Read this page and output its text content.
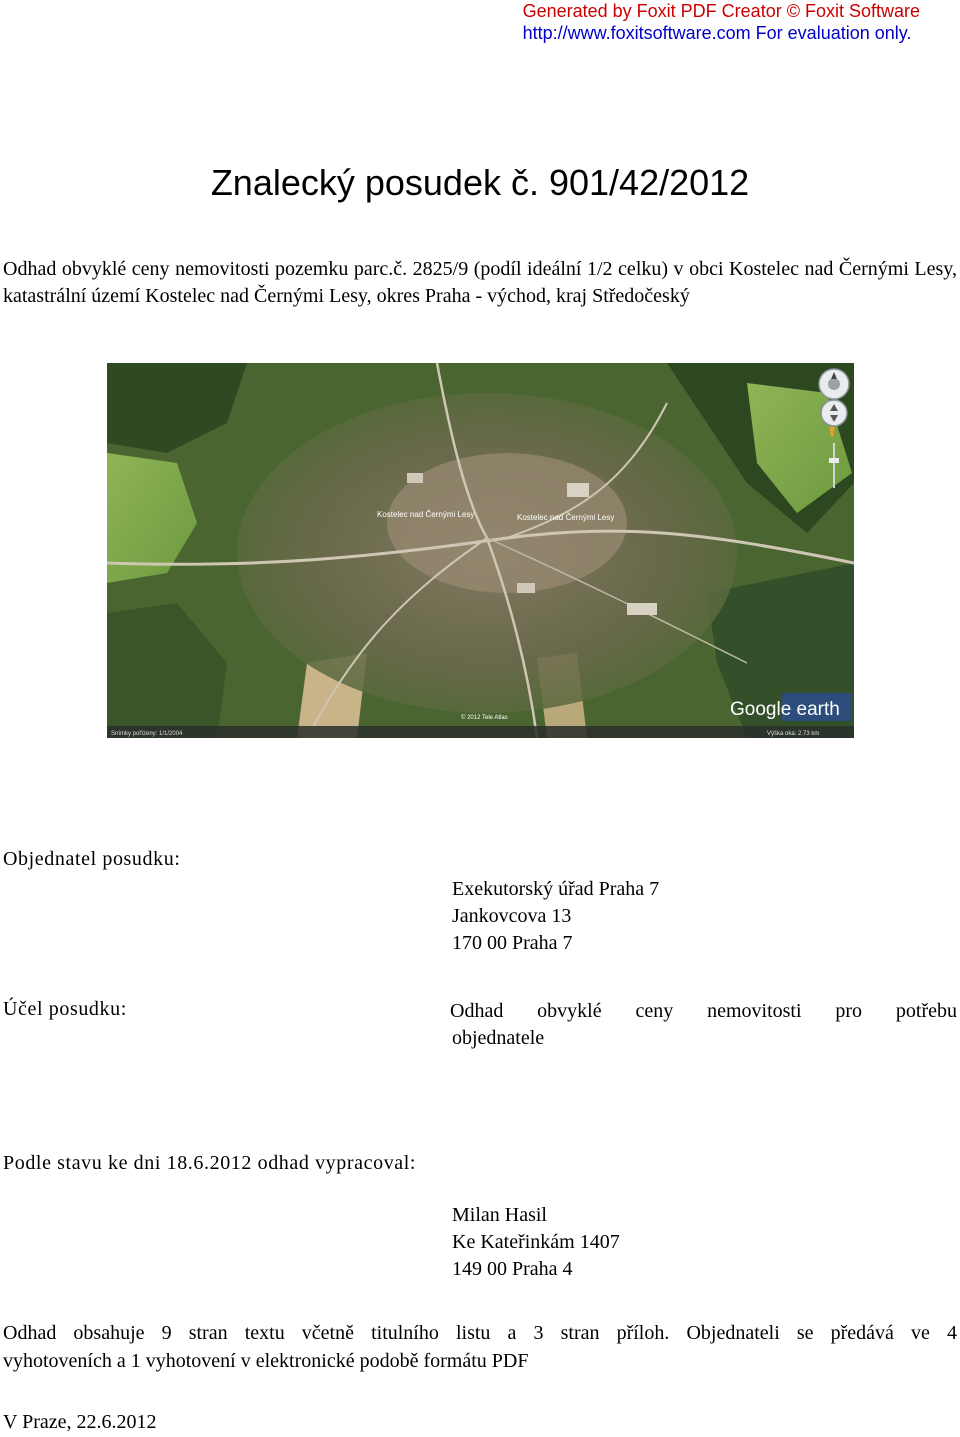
Generated by Foxit PDF Creator © Foxit Software
http://www.foxitsoftware.com For evaluation only.
Znalecký posudek č. 901/42/2012
Odhad obvyklé ceny nemovitosti pozemku parc.č. 2825/9 (podíl ideální 1/2 celku) v obci Kostelec nad Černými Lesy, katastrální území Kostelec nad Černými Lesy, okres Praha - východ, kraj Středočeský
Kostelec nad Černými Lesy	Kostelec nad Černými Lesy
Google earth
© 2012 Tele Atlas
Snímky pořízeny: 1/1/2004	Výška oka: 2.73 km
Objednatel posudku:
Exekutorský úřad Praha 7
Jankovcova 13
170 00 Praha 7
Účel posudku:	Odhad obvyklé ceny nemovitosti pro potřebu
objednatele
Podle stavu ke dni 18.6.2012 odhad vypracoval:
Milan Hasil
Ke Kateřinkám 1407
149 00 Praha 4
Odhad obsahuje 9 stran textu včetně titulního listu a 3 stran příloh. Objednateli se předává ve 4
vyhotoveních a 1 vyhotovení v elektronické podobě formátu PDF
V Praze, 22.6.2012
